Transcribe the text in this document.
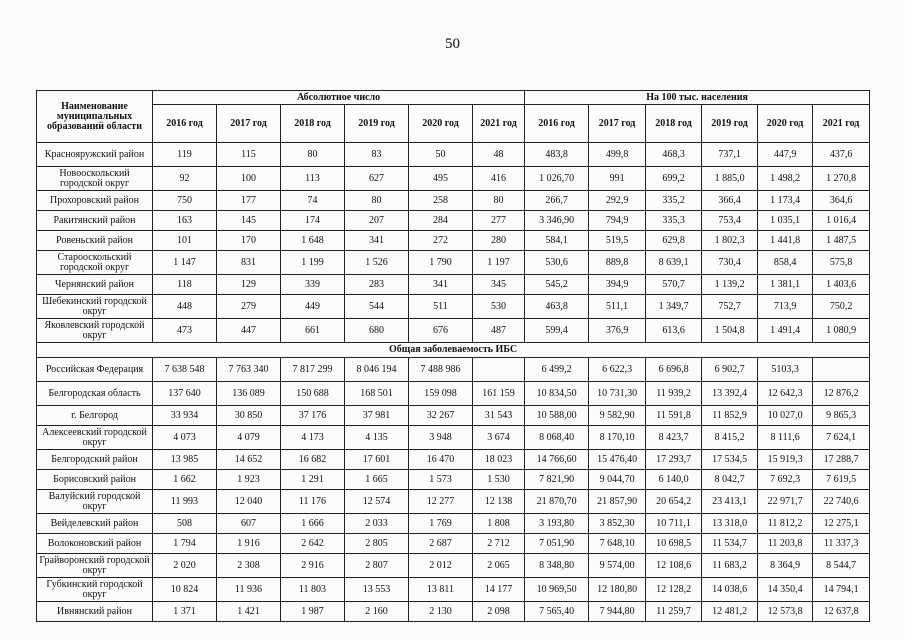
50
Наименование муниципальных образований области	Абсолютное число						На 100 тыс. населения					
	2016 год	2017 год	2018 год	2019 год	2020 год	2021 год	2016 год	2017 год	2018 год	2019 год	2020 год	2021 год
Краснояружский район	119	115	80	83	50	48	483,8	499,8	468,3	737,1	447,9	437,6
Новооскольский городской округ	92	100	113	627	495	416	1 026,70	991	699,2	1 885,0	1 498,2	1 270,8
Прохоровский район	750	177	74	80	258	80	266,7	292,9	335,2	366,4	1 173,4	364,6
Ракитянский район	163	145	174	207	284	277	3 346,90	794,9	335,3	753,4	1 035,1	1 016,4
Ровеньский район	101	170	1 648	341	272	280	584,1	519,5	629,8	1 802,3	1 441,8	1 487,5
Старооскольский городской округ	1 147	831	1 199	1 526	1 790	1 197	530,6	889,8	8 639,1	730,4	858,4	575,8
Чернянский район	118	129	339	283	341	345	545,2	394,9	570,7	1 139,2	1 381,1	1 403,6
Шебекинский городской округ	448	279	449	544	511	530	463,8	511,1	1 349,7	752,7	713,9	750,2
Яковлевский городской округ	473	447	661	680	676	487	599,4	376,9	613,6	1 504,8	1 491,4	1 080,9
Общая заболеваемость ИБС												
Российская Федерация	7 638 548	7 763 340	7 817 299	8 046 194	7 488 986		6 499,2	6 622,3	6 696,8	6 902,7	5103,3	
Белгородская область	137 640	136 089	150 688	168 501	159 098	161 159	10 834,50	10 731,30	11 939,2	13 392,4	12 642,3	12 876,2
г. Белгород	33 934	30 850	37 176	37 981	32 267	31 543	10 588,00	9 582,90	11 591,8	11 852,9	10 027,0	9 865,3
Алексеевский городской округ	4 073	4 079	4 173	4 135	3 948	3 674	8 068,40	8 170,10	8 423,7	8 415,2	8 111,6	7 624,1
Белгородский район	13 985	14 652	16 682	17 601	16 470	18 023	14 766,60	15 476,40	17 293,7	17 534,5	15 919,3	17 288,7
Борисовский район	1 662	1 923	1 291	1 665	1 573	1 530	7 821,90	9 044,70	6 140,0	8 042,7	7 692,3	7 619,5
Валуйский городской округ	11 993	12 040	11 176	12 574	12 277	12 138	21 870,70	21 857,90	20 654,2	23 413,1	22 971,7	22 740,6
Вейделевский район	508	607	1 666	2 033	1 769	1 808	3 193,80	3 852,30	10 711,1	13 318,0	11 812,2	12 275,1
Волоконовский район	1 794	1 916	2 642	2 805	2 687	2 712	7 051,90	7 648,10	10 698,5	11 534,7	11 203,8	11 337,3
Грайворонский городской округ	2 020	2 308	2 916	2 807	2 012	2 065	8 348,80	9 574,00	12 108,6	11 683,2	8 364,9	8 544,7
Губкинский городской округ	10 824	11 936	11 803	13 553	13 811	14 177	10 969,50	12 180,80	12 128,2	14 038,6	14 350,4	14 794,1
Ивнянский район	1 371	1 421	1 987	2 160	2 130	2 098	7 565,40	7 944,80	11 259,7	12 481,2	12 573,8	12 637,8
